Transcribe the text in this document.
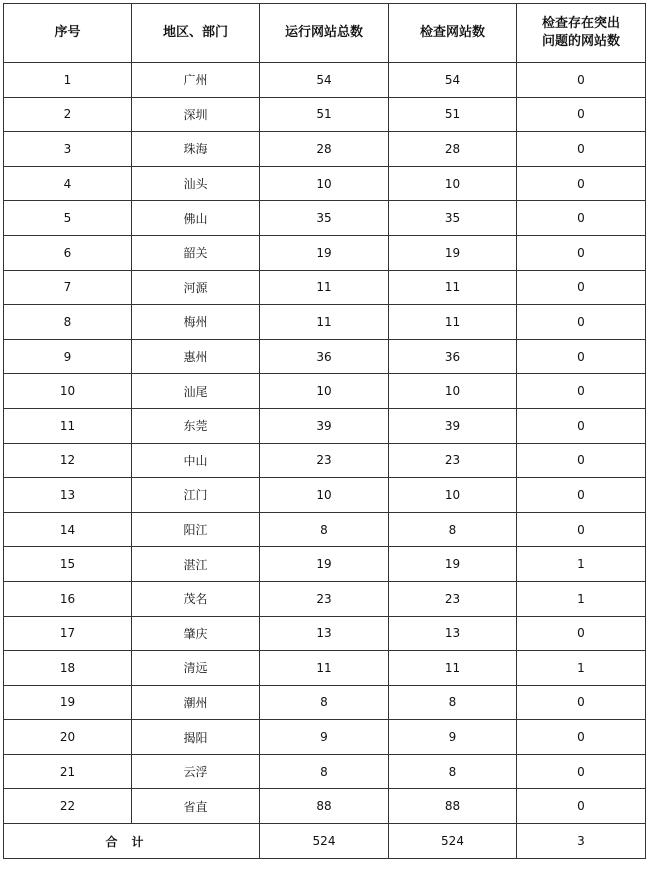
序号	地区、部门	运行网站总数	检查网站数	检查存在突出
问题的网站数
1	广州	54	54	0
2	深圳	51	51	0
3	珠海	28	28	0
4	汕头	10	10	0
5	佛山	35	35	0
6	韶关	19	19	0
7	河源	11	11	0
8	梅州	11	11	0
9	惠州	36	36	0
10	汕尾	10	10	0
11	东莞	39	39	0
12	中山	23	23	0
13	江门	10	10	0
14	阳江	8	8	0
15	湛江	19	19	1
16	茂名	23	23	1
17	肇庆	13	13	0
18	清远	11	11	1
19	潮州	8	8	0
20	揭阳	9	9	0
21	云浮	8	8	0
22	省直	88	88	0
合计		524	524	3
